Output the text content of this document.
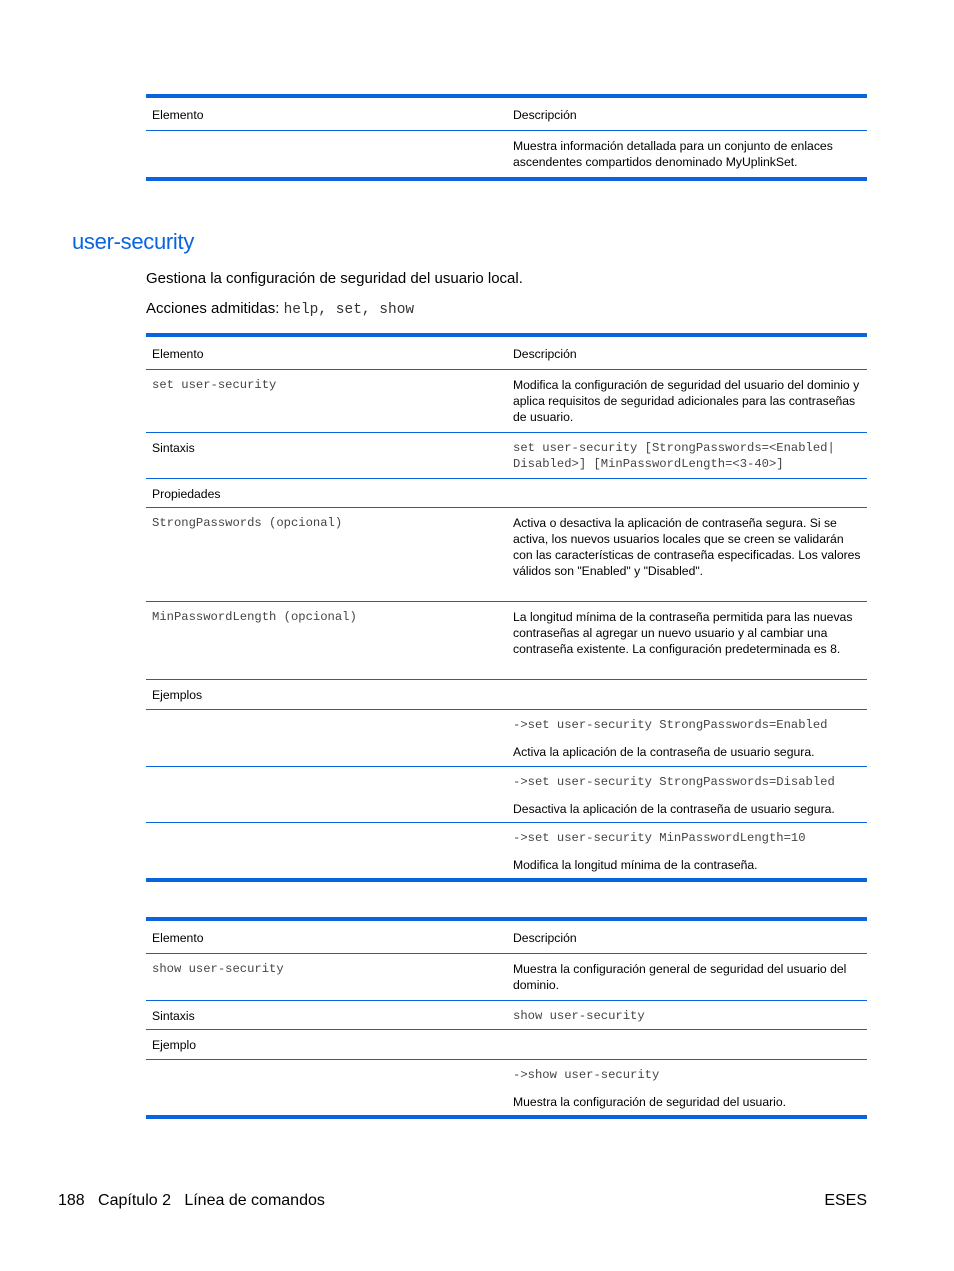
Elemento	Descripción
Muestra información detallada para un conjunto de enlaces ascendentes compartidos denominado MyUplinkSet.
user-security
Gestiona la configuración de seguridad del usuario local.
Acciones admitidas: help, set, show
Elemento	Descripción
set user-security	Modifica la configuración de seguridad del usuario del dominio y aplica requisitos de seguridad adicionales para las contraseñas de usuario.
Sintaxis	set user-security [StrongPasswords=<Enabled|
Disabled>] [MinPasswordLength=<3-40>]
Propiedades
StrongPasswords (opcional)	Activa o desactiva la aplicación de contraseña segura. Si se activa, los nuevos usuarios locales que se creen se validarán con las características de contraseña especificadas. Los valores válidos son "Enabled" y "Disabled".
MinPasswordLength (opcional)	La longitud mínima de la contraseña permitida para las nuevas contraseñas al agregar un nuevo usuario y al cambiar una contraseña existente. La configuración predeterminada es 8.
Ejemplos
->set user-security StrongPasswords=Enabled
Activa la aplicación de la contraseña de usuario segura.
->set user-security StrongPasswords=Disabled
Desactiva la aplicación de la contraseña de usuario segura.
->set user-security MinPasswordLength=10
Modifica la longitud mínima de la contraseña.
Elemento	Descripción
show user-security	Muestra la configuración general de seguridad del usuario del dominio.
Sintaxis	show user-security
Ejemplo
->show user-security
Muestra la configuración de seguridad del usuario.
188 Capítulo 2 Línea de comandos	ESES
